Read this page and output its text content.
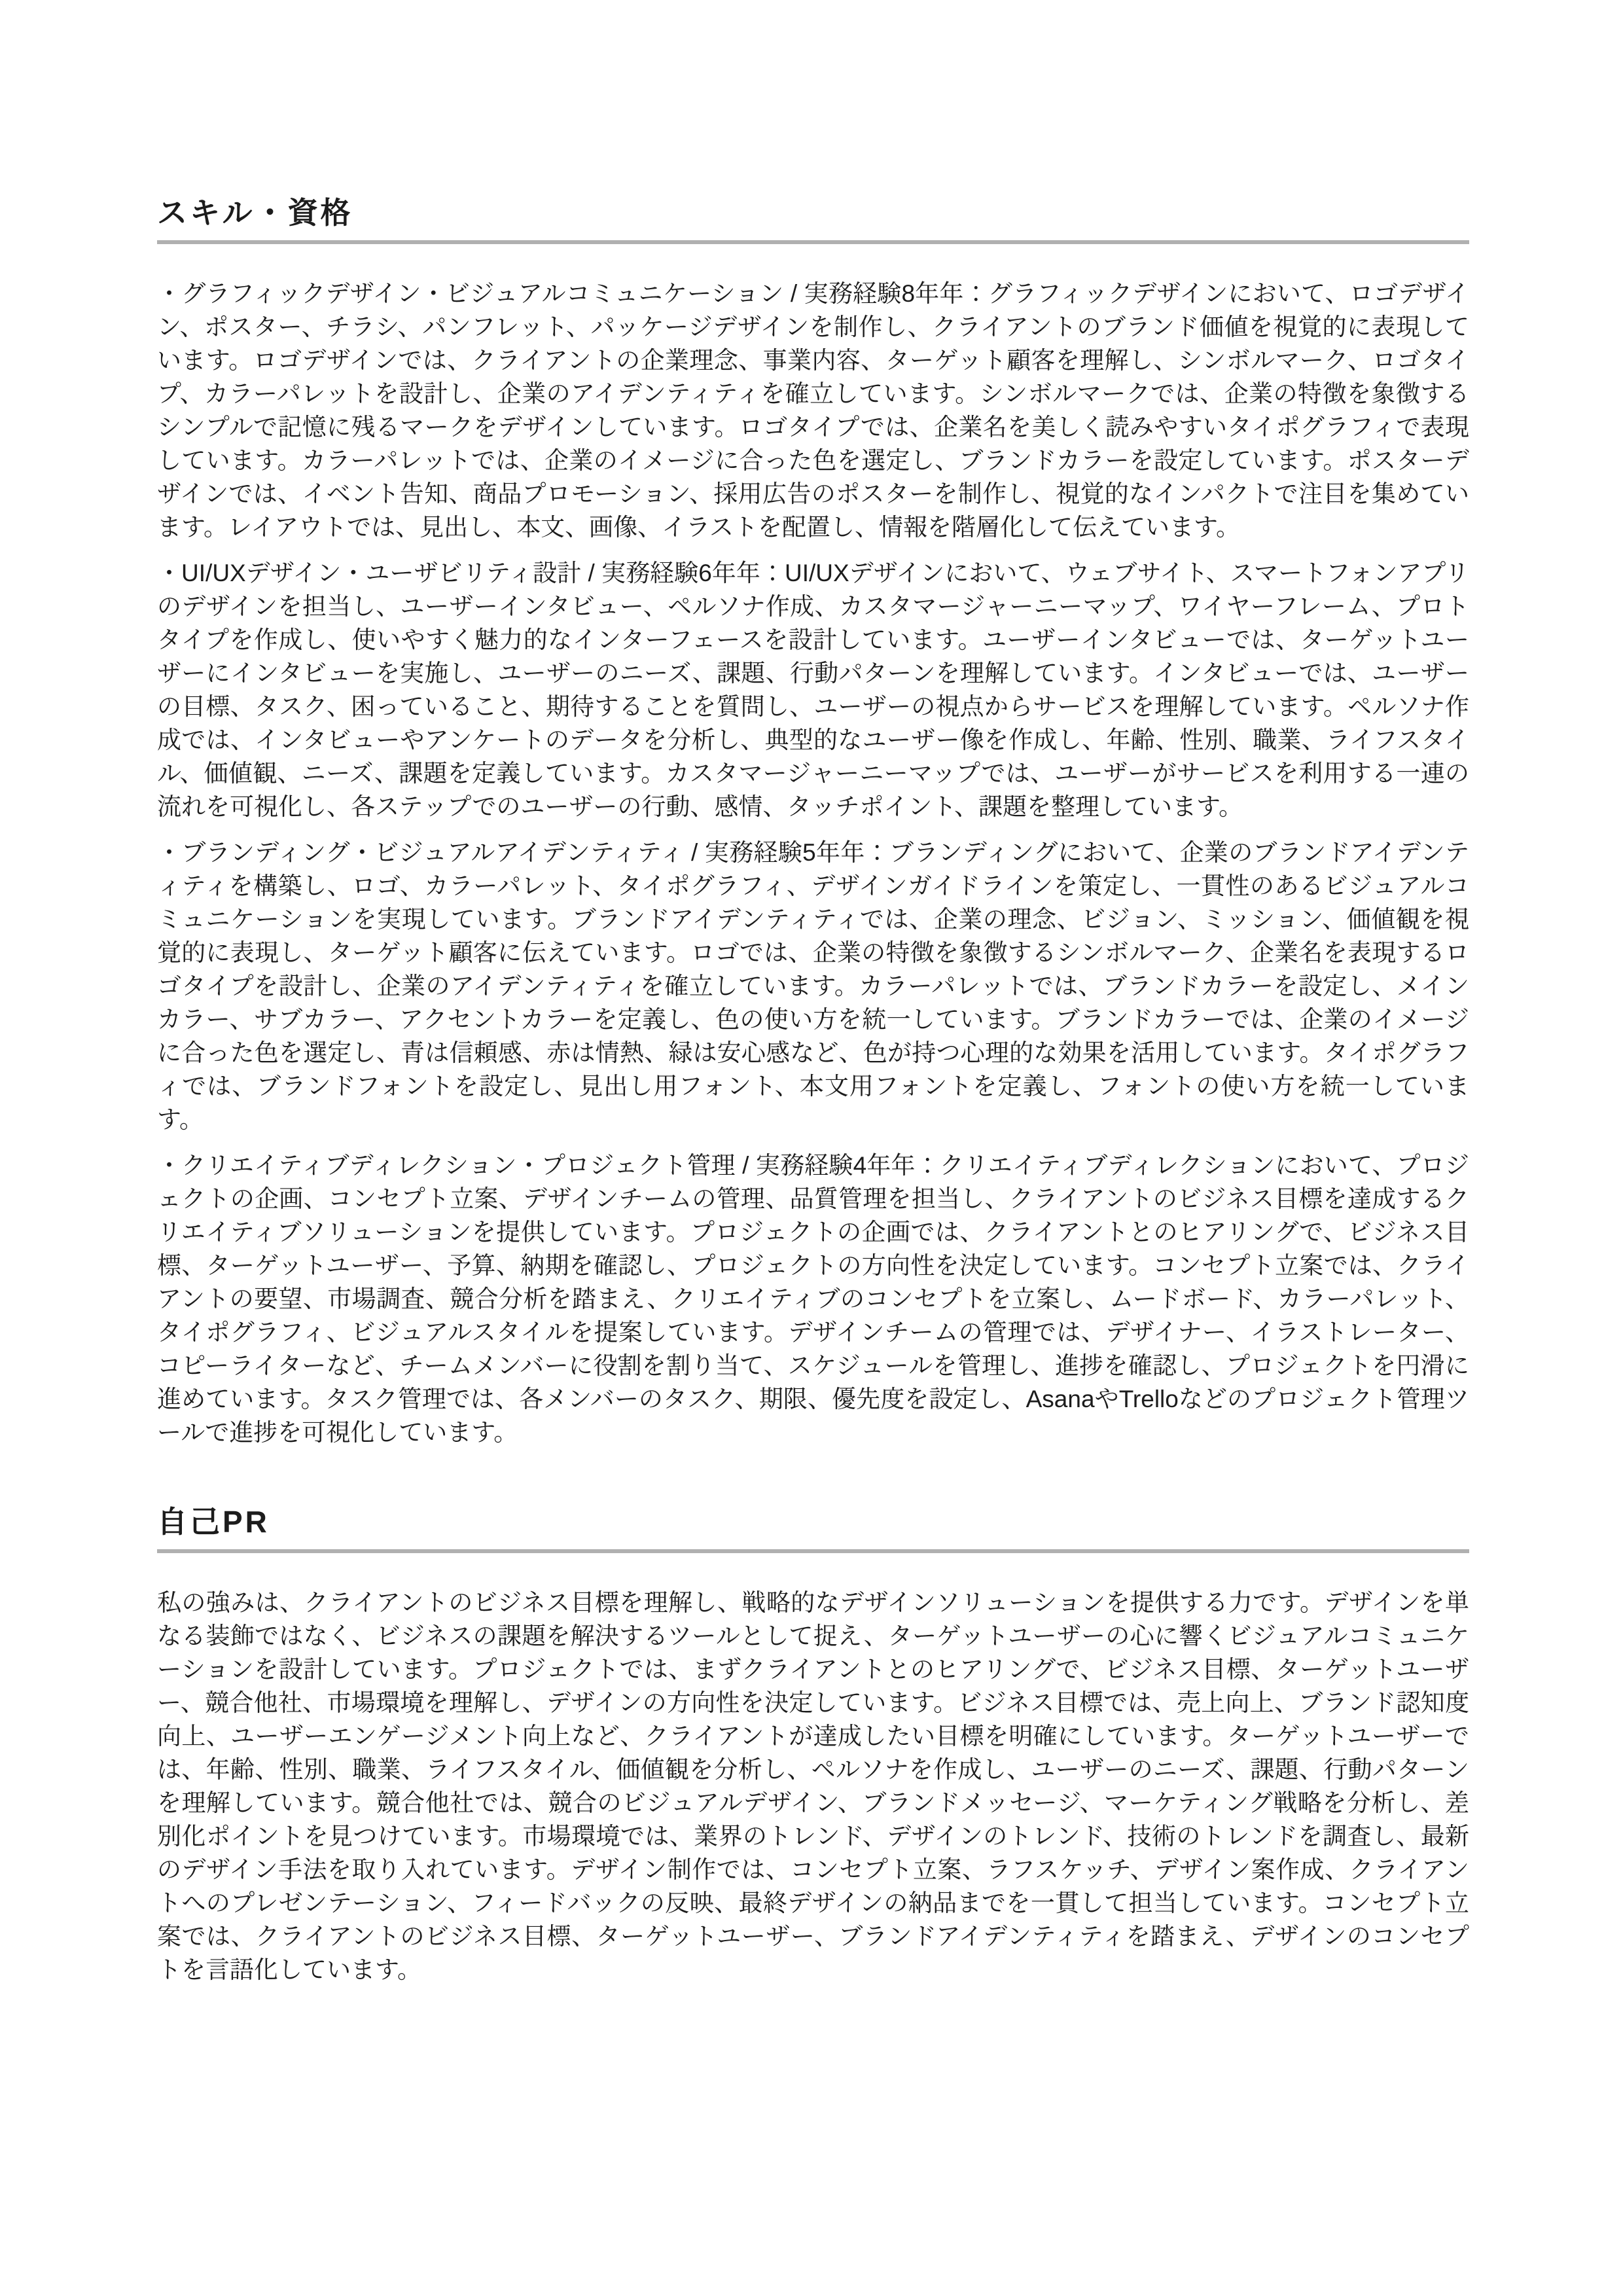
スキル・資格

・グラフィックデザイン・ビジュアルコミュニケーション / 実務経験8年年：グラフィックデザインにおいて、ロゴデザイン、ポスター、チラシ、パンフレット、パッケージデザインを制作し、クライアントのブランド価値を視覚的に表現しています。ロゴデザインでは、クライアントの企業理念、事業内容、ターゲット顧客を理解し、シンボルマーク、ロゴタイプ、カラーパレットを設計し、企業のアイデンティティを確立しています。シンボルマークでは、企業の特徴を象徴するシンプルで記憶に残るマークをデザインしています。ロゴタイプでは、企業名を美しく読みやすいタイポグラフィで表現しています。カラーパレットでは、企業のイメージに合った色を選定し、ブランドカラーを設定しています。ポスターデザインでは、イベント告知、商品プロモーション、採用広告のポスターを制作し、視覚的なインパクトで注目を集めています。レイアウトでは、見出し、本文、画像、イラストを配置し、情報を階層化して伝えています。

・UI/UXデザイン・ユーザビリティ設計 / 実務経験6年年：UI/UXデザインにおいて、ウェブサイト、スマートフォンアプリのデザインを担当し、ユーザーインタビュー、ペルソナ作成、カスタマージャーニーマップ、ワイヤーフレーム、プロトタイプを作成し、使いやすく魅力的なインターフェースを設計しています。ユーザーインタビューでは、ターゲットユーザーにインタビューを実施し、ユーザーのニーズ、課題、行動パターンを理解しています。インタビューでは、ユーザーの目標、タスク、困っていること、期待することを質問し、ユーザーの視点からサービスを理解しています。ペルソナ作成では、インタビューやアンケートのデータを分析し、典型的なユーザー像を作成し、年齢、性別、職業、ライフスタイル、価値観、ニーズ、課題を定義しています。カスタマージャーニーマップでは、ユーザーがサービスを利用する一連の流れを可視化し、各ステップでのユーザーの行動、感情、タッチポイント、課題を整理しています。

・ブランディング・ビジュアルアイデンティティ / 実務経験5年年：ブランディングにおいて、企業のブランドアイデンティティを構築し、ロゴ、カラーパレット、タイポグラフィ、デザインガイドラインを策定し、一貫性のあるビジュアルコミュニケーションを実現しています。ブランドアイデンティティでは、企業の理念、ビジョン、ミッション、価値観を視覚的に表現し、ターゲット顧客に伝えています。ロゴでは、企業の特徴を象徴するシンボルマーク、企業名を表現するロゴタイプを設計し、企業のアイデンティティを確立しています。カラーパレットでは、ブランドカラーを設定し、メインカラー、サブカラー、アクセントカラーを定義し、色の使い方を統一しています。ブランドカラーでは、企業のイメージに合った色を選定し、青は信頼感、赤は情熱、緑は安心感など、色が持つ心理的な効果を活用しています。タイポグラフィでは、ブランドフォントを設定し、見出し用フォント、本文用フォントを定義し、フォントの使い方を統一しています。

・クリエイティブディレクション・プロジェクト管理 / 実務経験4年年：クリエイティブディレクションにおいて、プロジェクトの企画、コンセプト立案、デザインチームの管理、品質管理を担当し、クライアントのビジネス目標を達成するクリエイティブソリューションを提供しています。プロジェクトの企画では、クライアントとのヒアリングで、ビジネス目標、ターゲットユーザー、予算、納期を確認し、プロジェクトの方向性を決定しています。コンセプト立案では、クライアントの要望、市場調査、競合分析を踏まえ、クリエイティブのコンセプトを立案し、ムードボード、カラーパレット、タイポグラフィ、ビジュアルスタイルを提案しています。デザインチームの管理では、デザイナー、イラストレーター、コピーライターなど、チームメンバーに役割を割り当て、スケジュールを管理し、進捗を確認し、プロジェクトを円滑に進めています。タスク管理では、各メンバーのタスク、期限、優先度を設定し、AsanaやTrelloなどのプロジェクト管理ツールで進捗を可視化しています。

自己PR

私の強みは、クライアントのビジネス目標を理解し、戦略的なデザインソリューションを提供する力です。デザインを単なる装飾ではなく、ビジネスの課題を解決するツールとして捉え、ターゲットユーザーの心に響くビジュアルコミュニケーションを設計しています。プロジェクトでは、まずクライアントとのヒアリングで、ビジネス目標、ターゲットユーザー、競合他社、市場環境を理解し、デザインの方向性を決定しています。ビジネス目標では、売上向上、ブランド認知度向上、ユーザーエンゲージメント向上など、クライアントが達成したい目標を明確にしています。ターゲットユーザーでは、年齢、性別、職業、ライフスタイル、価値観を分析し、ペルソナを作成し、ユーザーのニーズ、課題、行動パターンを理解しています。競合他社では、競合のビジュアルデザイン、ブランドメッセージ、マーケティング戦略を分析し、差別化ポイントを見つけています。市場環境では、業界のトレンド、デザインのトレンド、技術のトレンドを調査し、最新のデザイン手法を取り入れています。デザイン制作では、コンセプト立案、ラフスケッチ、デザイン案作成、クライアントへのプレゼンテーション、フィードバックの反映、最終デザインの納品までを一貫して担当しています。コンセプト立案では、クライアントのビジネス目標、ターゲットユーザー、ブランドアイデンティティを踏まえ、デザインのコンセプトを言語化しています。
